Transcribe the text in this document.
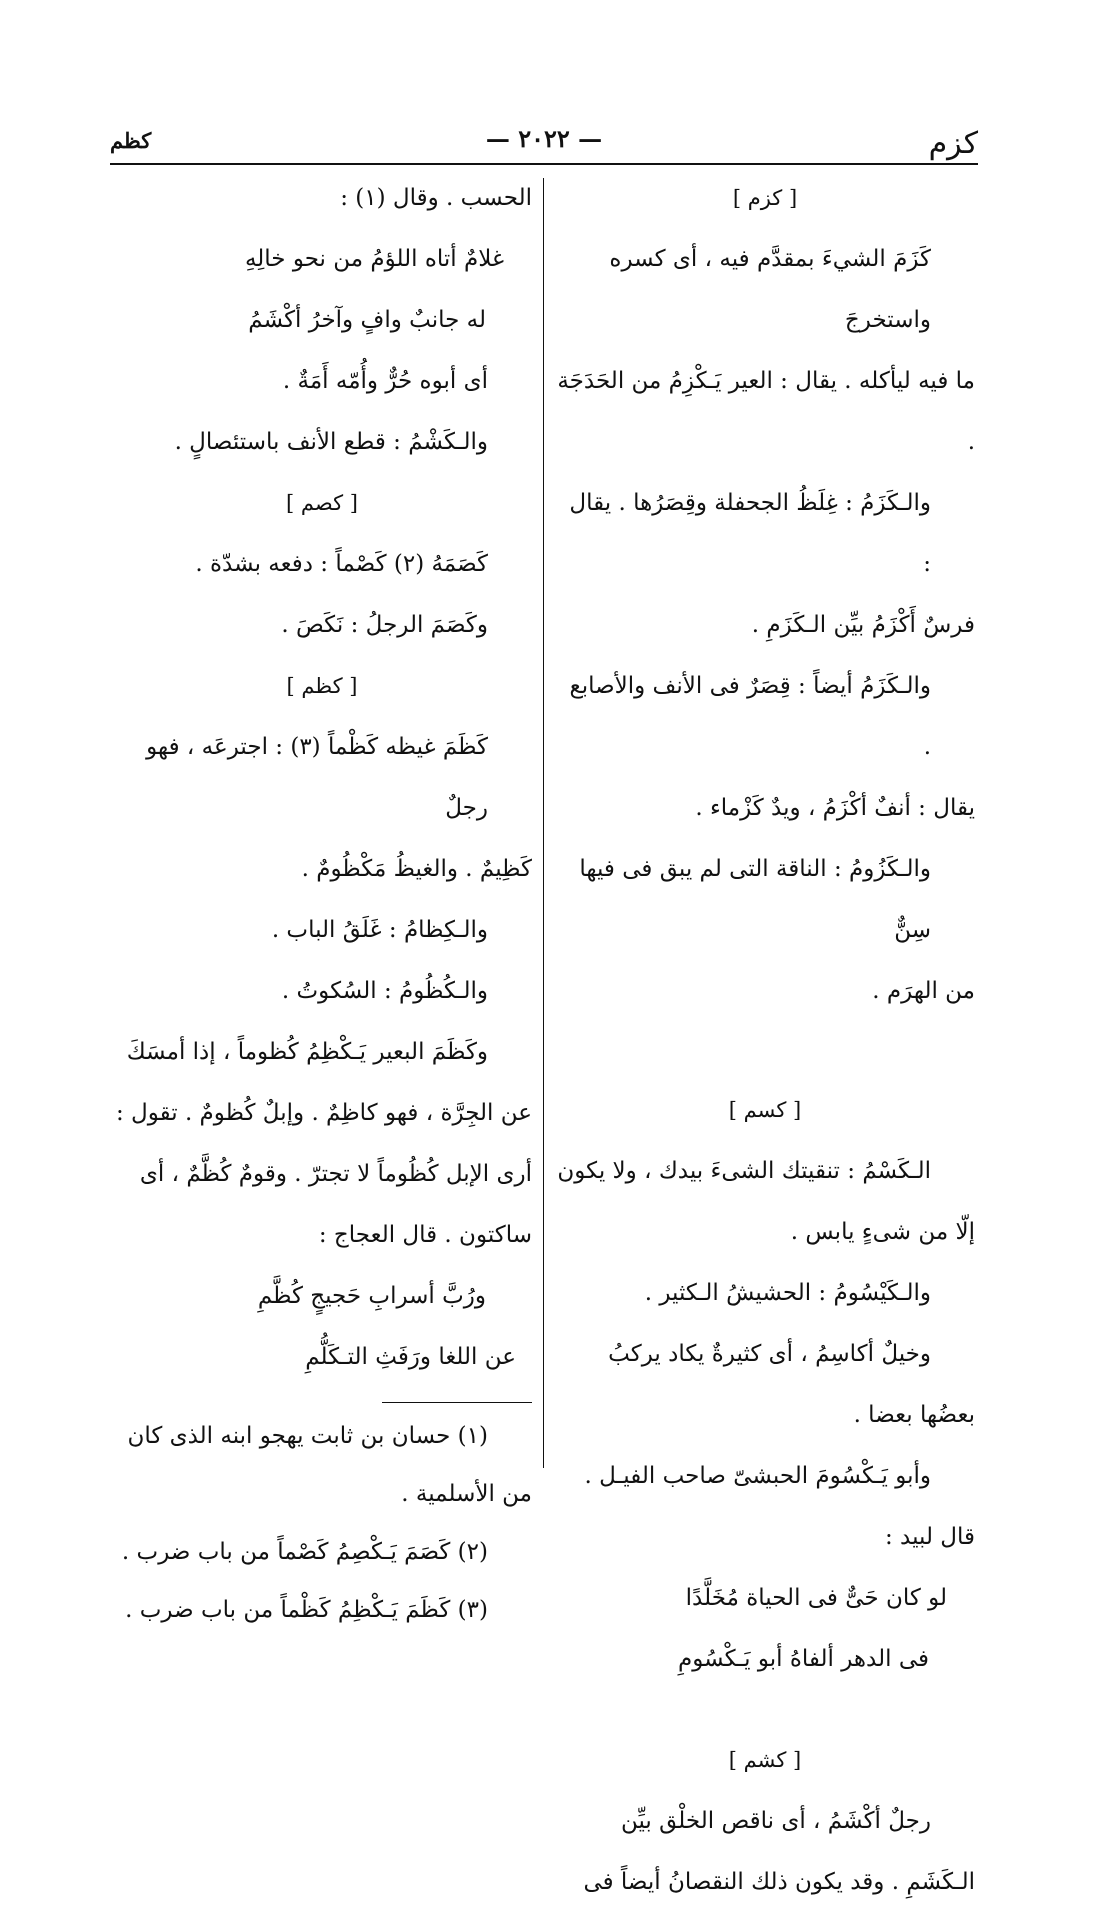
كزم
— ٢٠٢٢ —
كظم

[ كزم ]

كَزَمَ الشيءَ بمقدَّم فيه ، أى كسره واستخرجَ

ما فيه ليأكله . يقال : العير يَـكْزِمُ من الحَدَجَة .

والـكَزَمُ : غِلَظُ الجحفلة وقِصَرُها . يقال :

فرسٌ أَكْزَمُ بيِّن الـكَزَمِ .

والـكَزَمُ أيضاً : قِصَرٌ فى الأنف والأصابع .

يقال : أنفٌ أكْزَمُ ، ويدٌ كَزْماء .

والـكَزُومُ : الناقة التى لم يبق فى فيها سِنٌّ

من الهرَم .

[ كسم ]

الـكَسْمُ : تنقيتك الشىءَ بيدك ، ولا يكون

إلّا من شىءٍ يابس .

والـكَيْسُومُ : الحشيشُ الـكثير .

وخيلٌ أكاسِمُ ، أى كثيرةٌ يكاد يركبُ

بعضُها بعضا .

وأبو يَـكْسُومَ الحبشىّ صاحب الفيـل .

قال لبيد :

لو كان حَىٌّ فى الحياة مُخَلَّدًا

فى الدهر ألفاهُ أبو يَـكْسُومِ

[ كشم ]

رجلٌ أكْشَمُ ، أى ناقص الخلْق بيِّن

الـكَشَمِ . وقد يكون ذلك النقصانُ أيضاً فى

الحسب . وقال (١) :

غلامٌ أتاه اللؤمُ من نحو خالِهِ

له جانبٌ وافٍ وآخرُ أكْشَمُ

أى أبوه حُرٌّ وأُمّه أَمَةٌ .

والـكَشْمُ : قطع الأنف باستئصالٍ .

[ كصم ]

كَصَمَهُ (٢) كَصْماً : دفعه بشدّة .

وكَصَمَ الرجلُ : نَكَصَ .

[ كظم ]

كَظَمَ غيظه كَظْماً (٣) : اجترعَه ، فهو رجلٌ

كَظِيمٌ . والغيظُ مَكْظُومٌ .

والـكِظامُ : غَلَقُ الباب .

والـكُظُومُ : السُكوتُ .

وكَظَمَ البعير يَـكْظِمُ كُظوماً ، إذا أمسَكَ

عن الجِرَّة ، فهو كاظِمٌ . وإبلٌ كُظومٌ . تقول :

أرى الإبل كُظُوماً لا تجترّ . وقومٌ كُظَّمٌ ، أى

ساكتون . قال العجاج :

ورُبَّ أسرابِ حَجيجٍ كُظَّمِ

عن اللغا ورَفَثِ التـكَلُّمِ

(١) حسان بن ثابت يهجو ابنه الذى كان

من الأسلمية .

(٢) كَصَمَ يَـكْصِمُ كَصْماً من باب ضرب .

(٣) كَظَمَ يَـكْظِمُ كَظْماً من باب ضرب .
